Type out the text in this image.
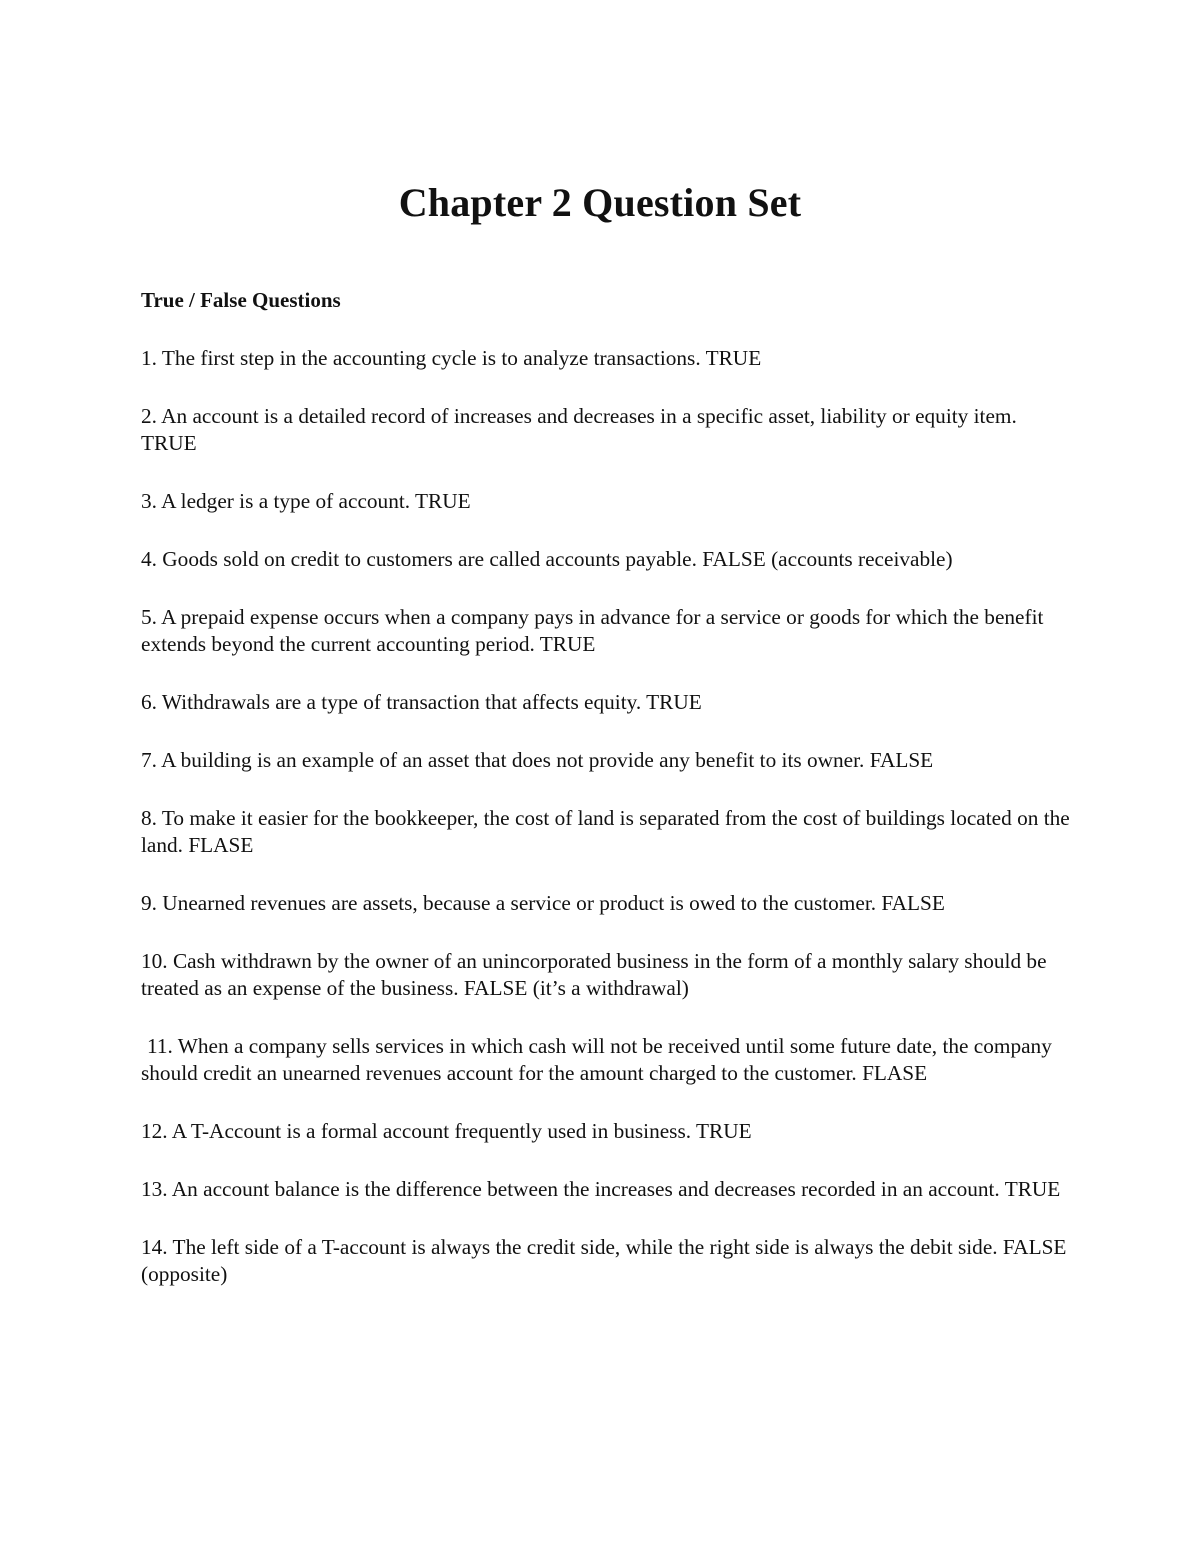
Chapter 2 Question Set
True / False Questions
1. The first step in the accounting cycle is to analyze transactions. TRUE
2. An account is a detailed record of increases and decreases in a specific asset, liability or equity item. TRUE
3. A ledger is a type of account. TRUE
4. Goods sold on credit to customers are called accounts payable. FALSE (accounts receivable)
5. A prepaid expense occurs when a company pays in advance for a service or goods for which the benefit extends beyond the current accounting period. TRUE
6. Withdrawals are a type of transaction that affects equity. TRUE
7. A building is an example of an asset that does not provide any benefit to its owner. FALSE
8. To make it easier for the bookkeeper, the cost of land is separated from the cost of buildings located on the land. FLASE
9. Unearned revenues are assets, because a service or product is owed to the customer. FALSE
10. Cash withdrawn by the owner of an unincorporated business in the form of a monthly salary should be treated as an expense of the business. FALSE (it’s a withdrawal)
11. When a company sells services in which cash will not be received until some future date, the company should credit an unearned revenues account for the amount charged to the customer. FLASE
12. A T-Account is a formal account frequently used in business. TRUE
13. An account balance is the difference between the increases and decreases recorded in an account. TRUE
14. The left side of a T-account is always the credit side, while the right side is always the debit side. FALSE (opposite)
